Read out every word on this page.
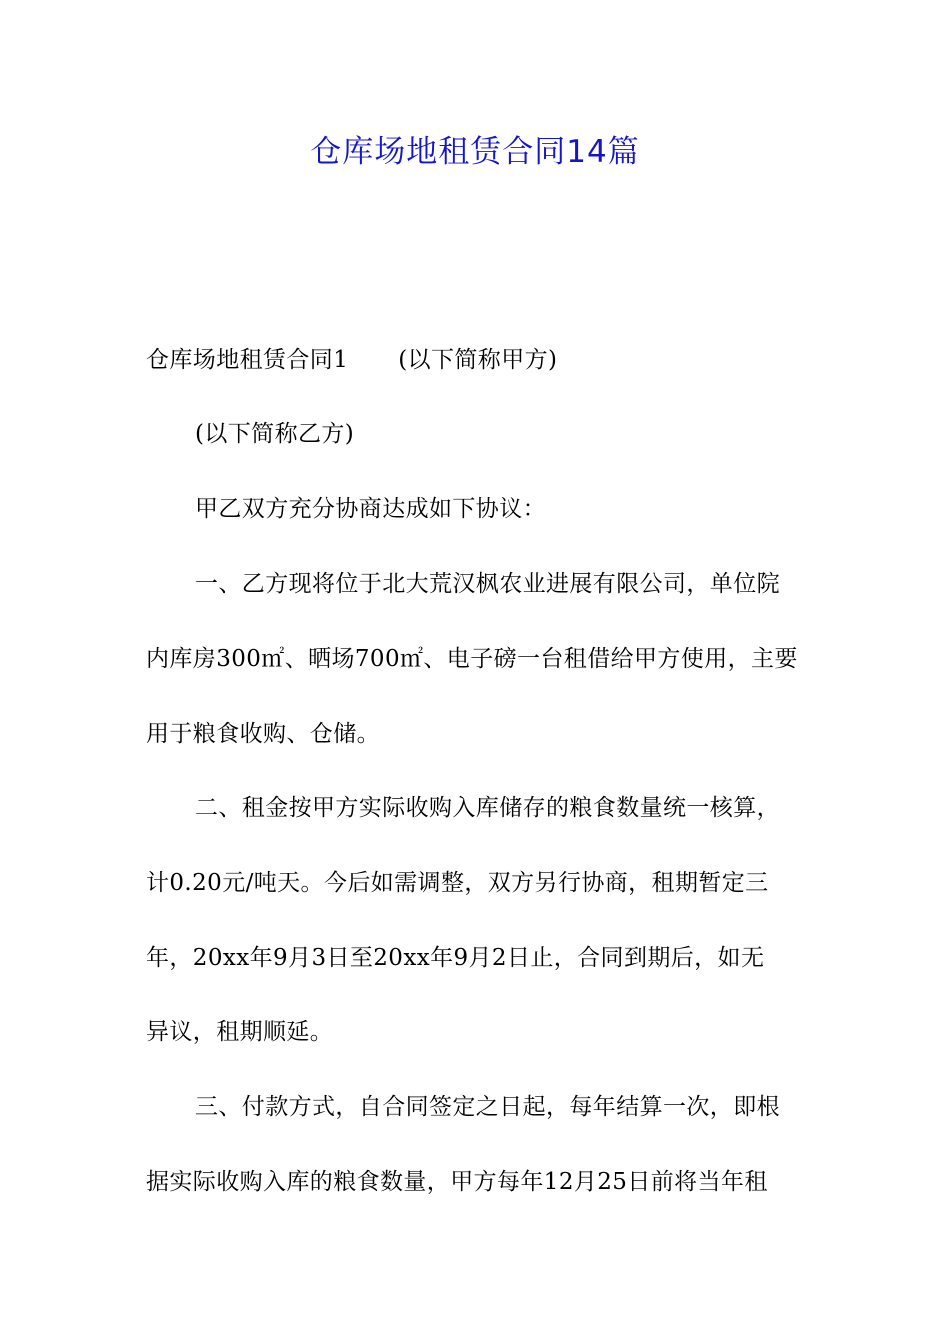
仓库场地租赁合同14篇
仓库场地租赁合同1 (以下简称甲方)
(以下简称乙方)
甲乙双方充分协商达成如下协议：
一、乙方现将位于北大荒汉枫农业进展有限公司，单位院
内库房300㎡、晒场700㎡、电子磅一台租借给甲方使用，主要
用于粮食收购、仓储。
二、租金按甲方实际收购入库储存的粮食数量统一核算，
计0.20元/吨天。今后如需调整，双方另行协商，租期暂定三
年，20xx年9月3日至20xx年9月2日止，合同到期后，如无
异议，租期顺延。
三、付款方式，自合同签定之日起，每年结算一次，即根
据实际收购入库的粮食数量，甲方每年12月25日前将当年租
